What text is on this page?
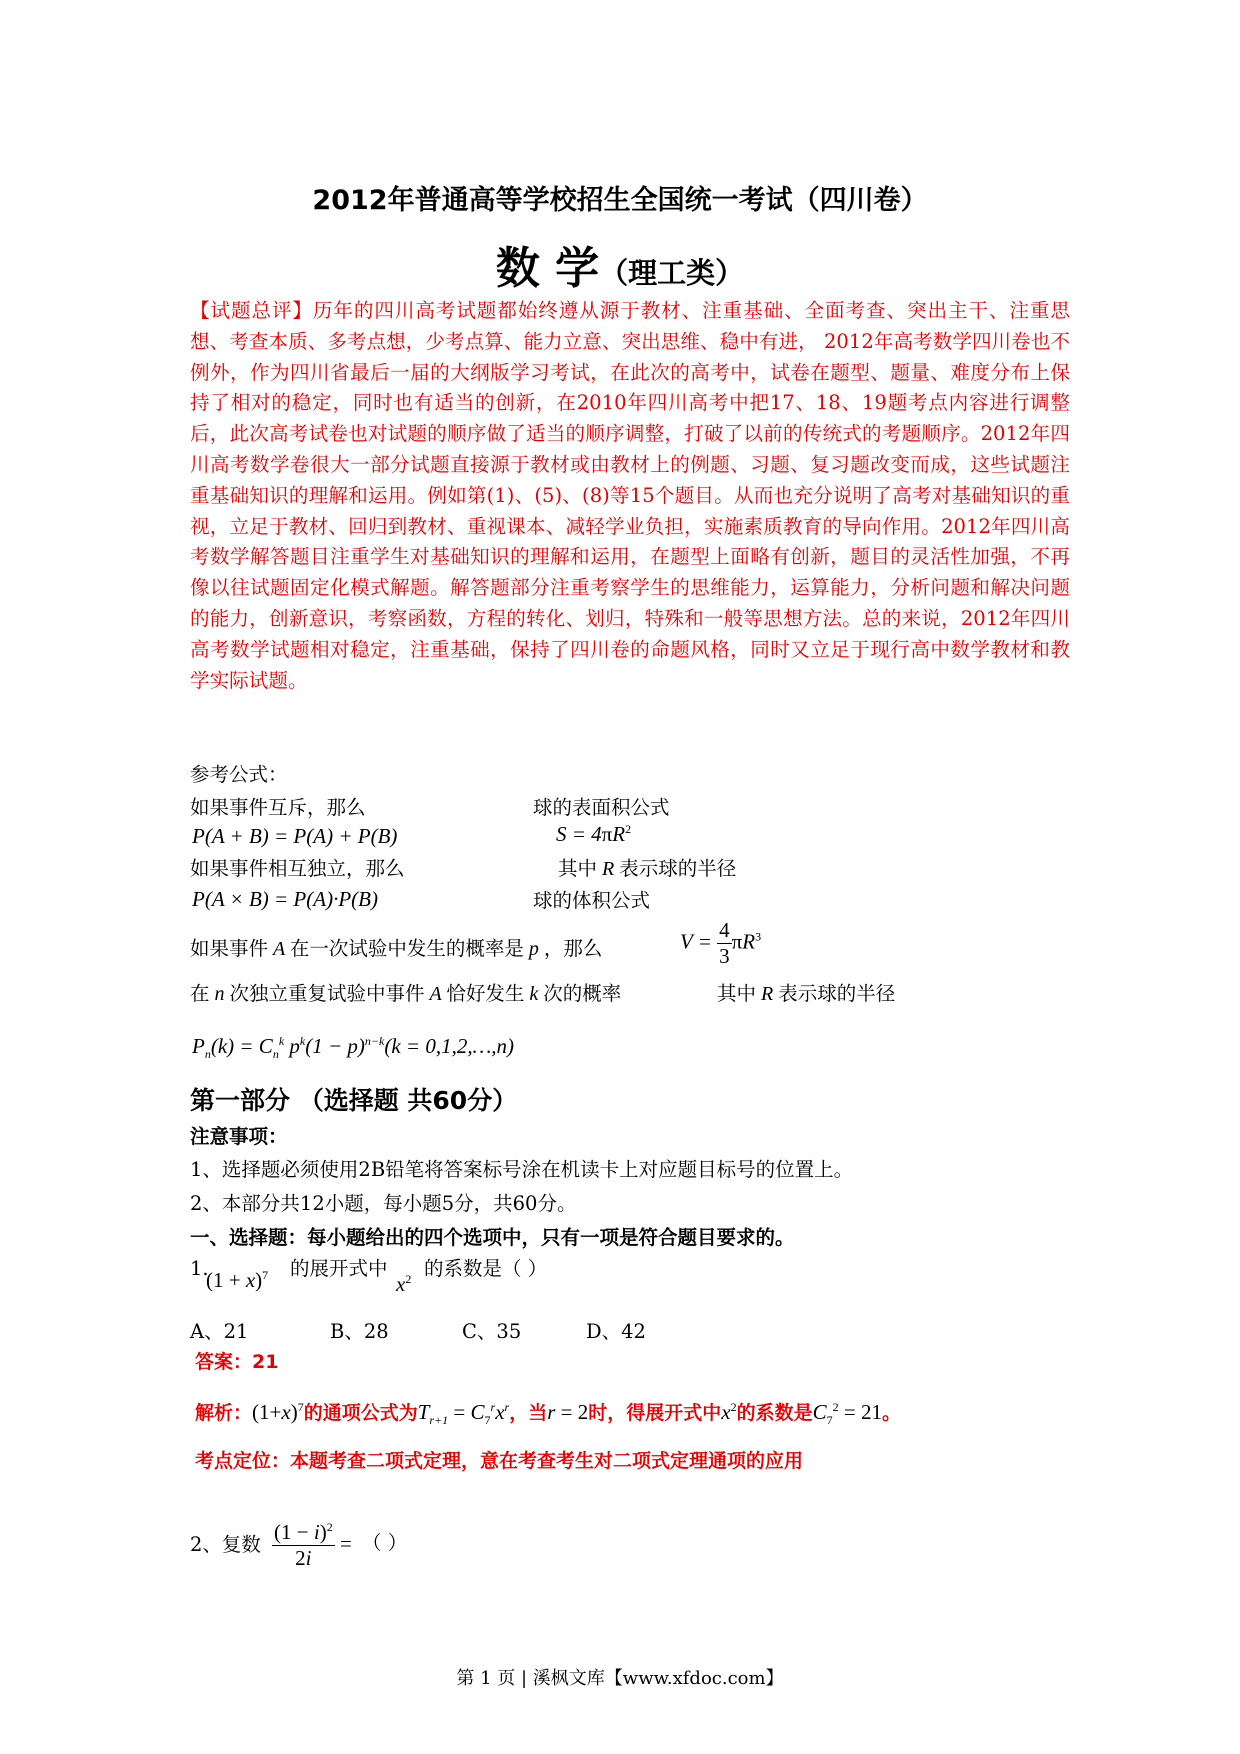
2012年普通高等学校招生全国统一考试（四川卷）
数 学（理工类）
【试题总评】历年的四川高考试题都始终遵从源于教材、注重基础、全面考查、突出主干、注重思想、考查本质、多考点想，少考点算、能力立意、突出思维、稳中有进， 2012年高考数学四川卷也不例外，作为四川省最后一届的大纲版学习考试，在此次的高考中，试卷在题型、题量、难度分布上保持了相对的稳定，同时也有适当的创新，在2010年四川高考中把17、18、19题考点内容进行调整后，此次高考试卷也对试题的顺序做了适当的顺序调整，打破了以前的传统式的考题顺序。2012年四川高考数学卷很大一部分试题直接源于教材或由教材上的例题、习题、复习题改变而成，这些试题注重基础知识的理解和运用。例如第(1)、(5)、(8)等15个题目。从而也充分说明了高考对基础知识的重视，立足于教材、回归到教材、重视课本、减轻学业负担，实施素质教育的导向作用。2012年四川高考数学解答题目注重学生对基础知识的理解和运用，在题型上面略有创新，题目的灵活性加强，不再像以往试题固定化模式解题。解答题部分注重考察学生的思维能力，运算能力，分析问题和解决问题的能力，创新意识，考察函数，方程的转化、划归，特殊和一般等思想方法。总的来说，2012年四川高考数学试题相对稳定，注重基础，保持了四川卷的命题风格，同时又立足于现行高中数学教材和教学实际试题。
参考公式：
如果事件互斥，那么	球的表面积公式
P(A + B) = P(A) + P(B)	$S = 4\pi R^2$
如果事件相互独立，那么	其中 R 表示球的半径
P(A × B) = P(A)·P(B)	球的体积公式
如果事件 A 在一次试验中发生的概率是 p ，那么	$V = \frac{4}{3} \pi R^3$
在 n 次独立重复试验中事件 A 恰好发生 k 次的概率	其中 R 表示球的半径
$P_n(k) = C_n^k$ $p^k(1 - p)^{n-k}(k$ = 0,1,2,…,n)
第一部分 （选择题 共60分）
注意事项：
1、选择题必须使用2B铅笔将答案标号涂在机读卡上对应题目标号的位置上。
2、本部分共12小题，每小题5分，共60分。
一、选择题：每小题给出的四个选项中，只有一项是符合题目要求的。
1.
$(1 + x)^7$ 的展开式中
$x^2$ 的系数是（ ）
A、21	B、28	C、35	D、42
答案：21
解析：$(1+x)^7$的通项公式为$T_{r+1} = C_7^rx^r$，当r = 2时，得展开式中$x^2$的系数是$C_7^2 = 21$。
考点定位：本题考查二项式定理，意在考查考生对二项式定理通项的应用
2、复数 $\frac{(1 - i)^2}{2i}$ = （ ）
第 1 页 | 溪枫文库【www.xfdoc.com】
